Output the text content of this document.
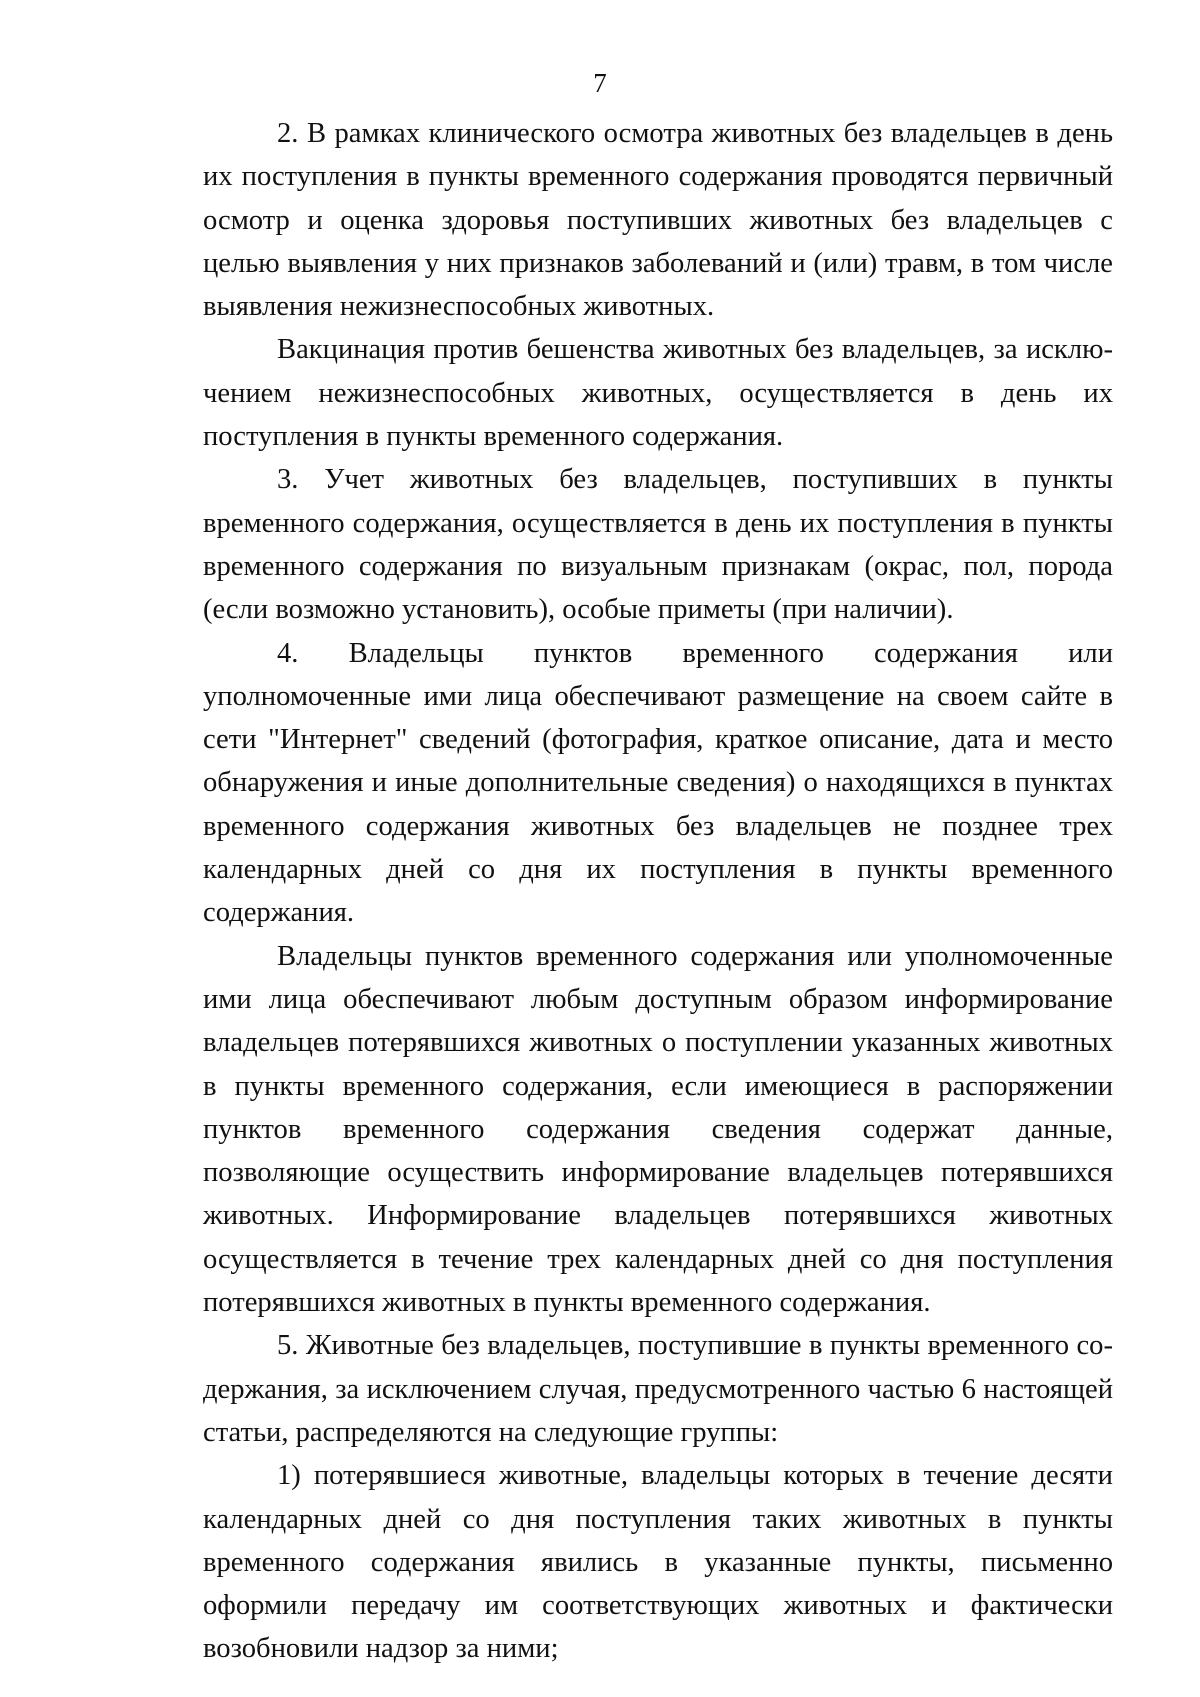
7

2. В рамках клинического осмотра животных без владельцев в день их поступления в пункты временного содержания проводятся первичный осмотр и оценка здоровья поступивших животных без владельцев с целью выявления у них признаков заболеваний и (или) травм, в том числе выявления нежизнеспособных животных.

Вакцинация против бешенства животных без владельцев, за исключением нежизнеспособных животных, осуществляется в день их поступления в пункты временного содержания.

3. Учет животных без владельцев, поступивших в пункты временного содержания, осуществляется в день их поступления в пункты временного содержания по визуальным признакам (окрас, пол, порода (если возможно установить), особые приметы (при наличии).

4. Владельцы пунктов временного содержания или уполномоченные ими лица обеспечивают размещение на своем сайте в сети "Интернет" сведений (фотография, краткое описание, дата и место обнаружения и иные дополнительные сведения) о находящихся в пунктах временного содержания животных без владельцев не позднее трех календарных дней со дня их поступления в пункты временного содержания.

Владельцы пунктов временного содержания или уполномоченные ими лица обеспечивают любым доступным образом информирование владельцев потерявшихся животных о поступлении указанных животных в пункты временного содержания, если имеющиеся в распоряжении пунктов временного содержания сведения содержат данные, позволяющие осуществить информирование владельцев потерявшихся животных. Информирование владельцев потерявшихся животных осуществляется в течение трех календарных дней со дня поступления потерявшихся животных в пункты временного содержания.

5. Животные без владельцев, поступившие в пункты временного содержания, за исключением случая, предусмотренного частью 6 настоящей статьи, распределяются на следующие группы:

1) потерявшиеся животные, владельцы которых в течение десяти календарных дней со дня поступления таких животных в пункты временного содержания явились в указанные пункты, письменно оформили передачу им соответствующих животных и фактически возобновили надзор за ними;
